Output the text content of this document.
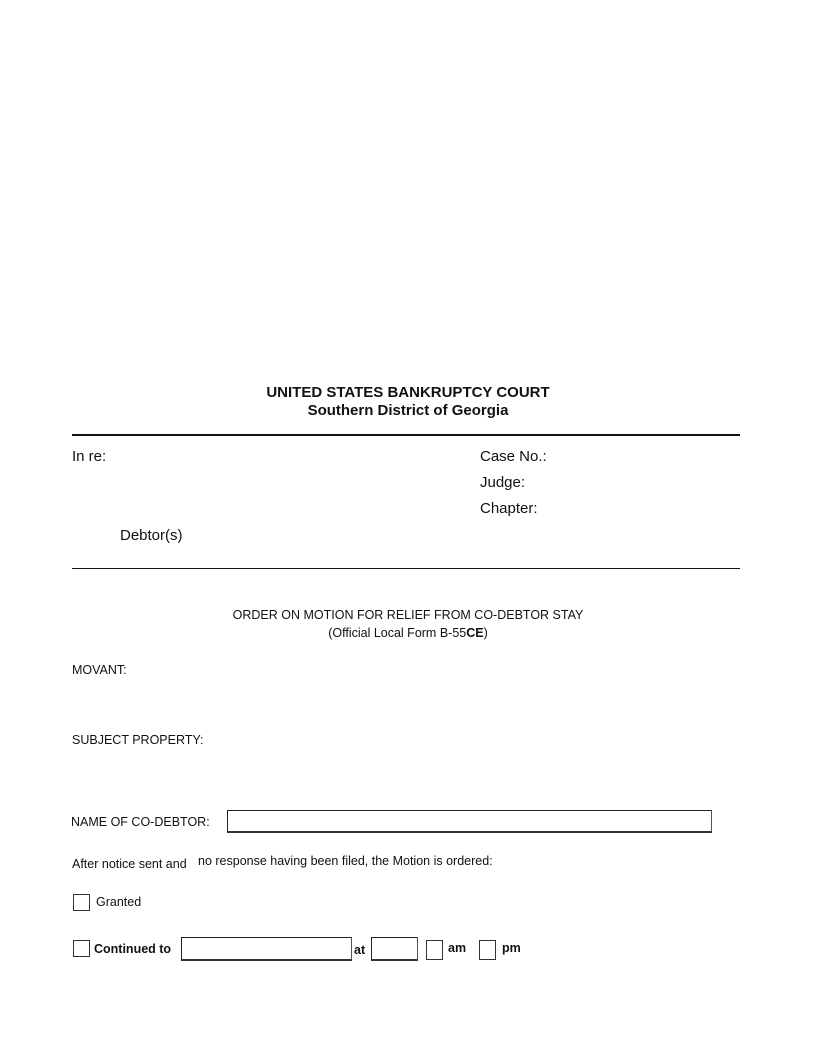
UNITED STATES BANKRUPTCY COURT
Southern District of Georgia
In re:	Case No.:
Judge:
Chapter:
Debtor(s)
ORDER ON MOTION FOR RELIEF FROM CO-DEBTOR STAY
(Official Local Form B-55CE)
MOVANT:
SUBJECT PROPERTY:
NAME OF CO-DEBTOR:
After notice sent and no response having been filed, the Motion is ordered:
Granted
Continued to	at	am	pm
